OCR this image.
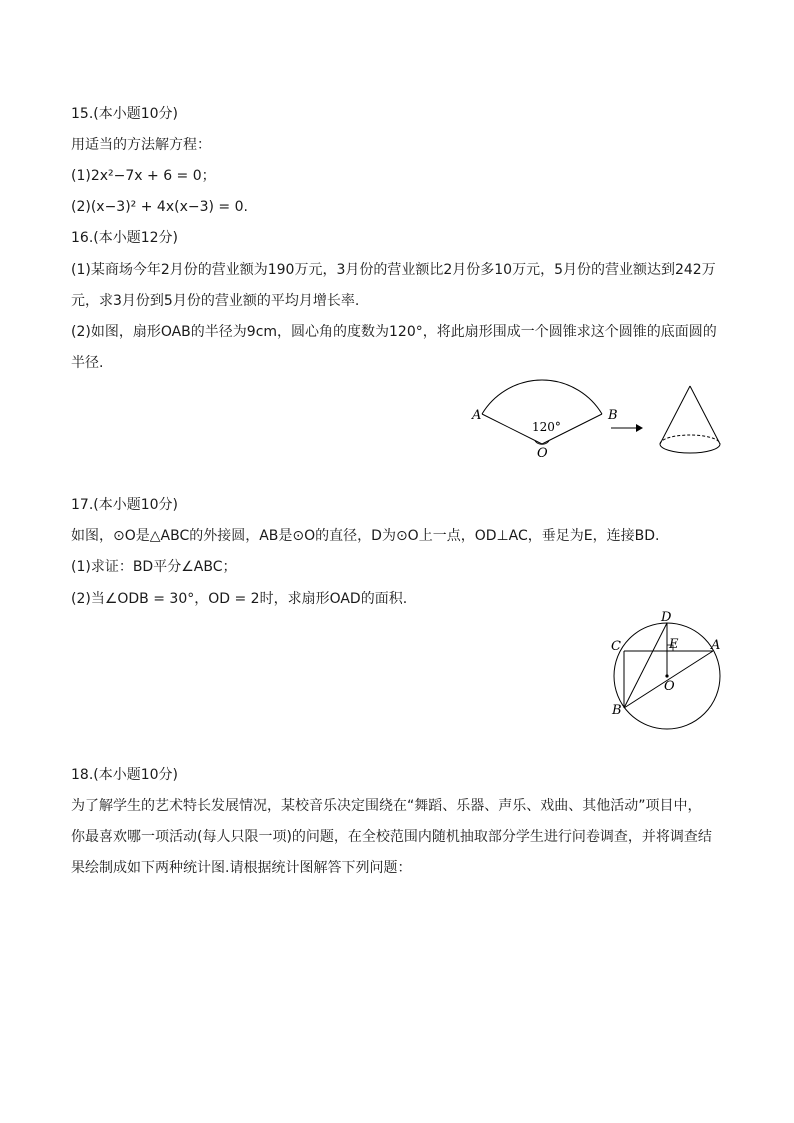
15.(本小题10分)
用适当的方法解方程：
(1)2x²−7x + 6 = 0；
(2)(x−3)² + 4x(x−3) = 0.
16.(本小题12分)
(1)某商场今年2月份的营业额为190万元，3月份的营业额比2月份多10万元，5月份的营业额达到242万
元，求3月份到5月份的营业额的平均月增长率.
(2)如图，扇形OAB的半径为9cm，圆心角的度数为120°，将此扇形围成一个圆锥求这个圆锥的底面圆的
半径.
A	B
O
120°
17.(本小题10分)
如图，⊙O是△ABC的外接圆，AB是⊙O的直径，D为⊙O上一点，OD⊥AC，垂足为E，连接BD.
(1)求证：BD平分∠ABC；
(2)当∠ODB = 30°，OD = 2时，求扇形OAD的面积.
D
E	A
C
B
O
18.(本小题10分)
为了解学生的艺术特长发展情况，某校音乐决定围绕在“舞蹈、乐器、声乐、戏曲、其他活动”项目中，
你最喜欢哪一项活动(每人只限一项)的问题，在全校范围内随机抽取部分学生进行问卷调查，并将调查结
果绘制成如下两种统计图.请根据统计图解答下列问题：
